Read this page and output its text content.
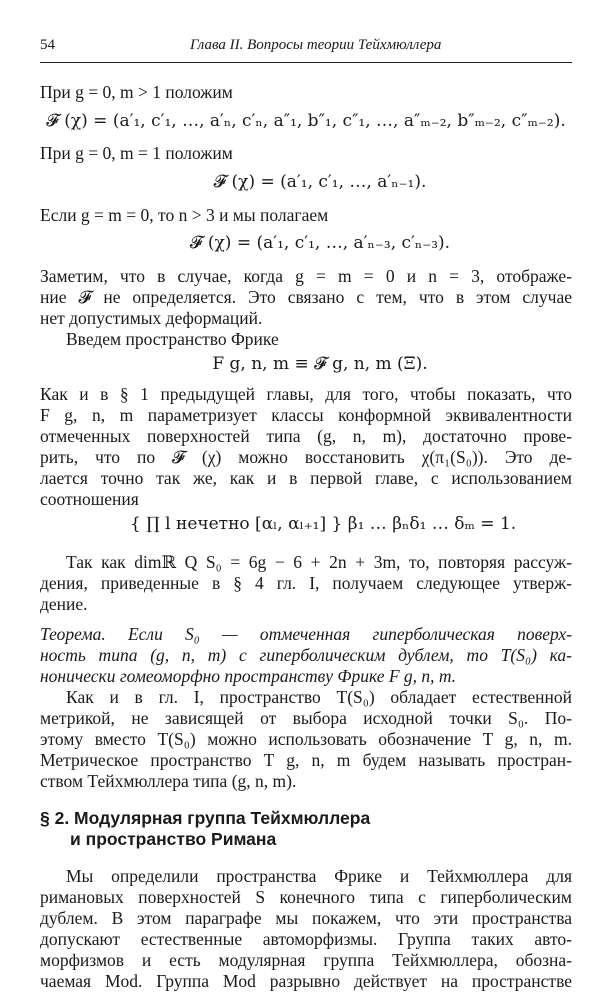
54	Глава II. Вопросы теории Тейхмюллера
При g = 0, m > 1 положим
𝓕 (χ) = (a′₁, c′₁, …, a′ₙ, c′ₙ, a″₁, b″₁, c″₁, …, a″ₘ₋₂, b″ₘ₋₂, c″ₘ₋₂).
При g = 0, m = 1 положим
𝓕 (χ) = (a′₁, c′₁, …, a′ₙ₋₁).
Если g = m = 0, то n > 3 и мы полагаем
𝓕 (χ) = (a′₁, c′₁, …, a′ₙ₋₃, c′ₙ₋₃).
Заметим, что в случае, когда g = m = 0 и n = 3, отображе-
ние 𝓕 не определяется. Это связано с тем, что в этом случае
нет допустимых деформаций.
Введем пространство Фрике
F g, n, m ≡ 𝓕 g, n, m (Ξ).
Как и в § 1 предыдущей главы, для того, чтобы показать, что
F g, n, m параметризует классы конформной эквивалентности
отмеченных поверхностей типа (g, n, m), достаточно прове-
рить, что по 𝓕 (χ) можно восстановить χ(π₁(S₀)). Это де-
лается точно так же, как и в первой главе, с использованием
соотношения
{ ∏ l нечетно [αₗ, αₗ₊₁] } β₁ … βₙδ₁ … δₘ = 1.
Так как dimℝ Q S₀ = 6g − 6 + 2n + 3m, то, повторяя рассуж-
дения, приведенные в § 4 гл. I, получаем следующее утверж-
дение.
Теорема. Если S₀ — отмеченная гиперболическая поверх-
ность типа (g, n, m) с гиперболическим дублем, то T(S₀) ка-
нонически гомеоморфно пространству Фрике F g, n, m.
Как и в гл. I, пространство T(S₀) обладает естественной
метрикой, не зависящей от выбора исходной точки S₀. По-
этому вместо T(S₀) можно использовать обозначение T g, n, m.
Метрическое пространство T g, n, m будем называть простран-
ством Тейхмюллера типа (g, n, m).
§ 2. Модулярная группа Тейхмюллера
и пространство Римана
Мы определили пространства Фрике и Тейхмюллера для
римановых поверхностей S конечного типа с гиперболическим
дублем. В этом параграфе мы покажем, что эти пространства
допускают естественные автоморфизмы. Группа таких авто-
морфизмов и есть модулярная группа Тейхмюллера, обозна-
чаемая Mod. Группа Mod разрывно действует на пространстве
